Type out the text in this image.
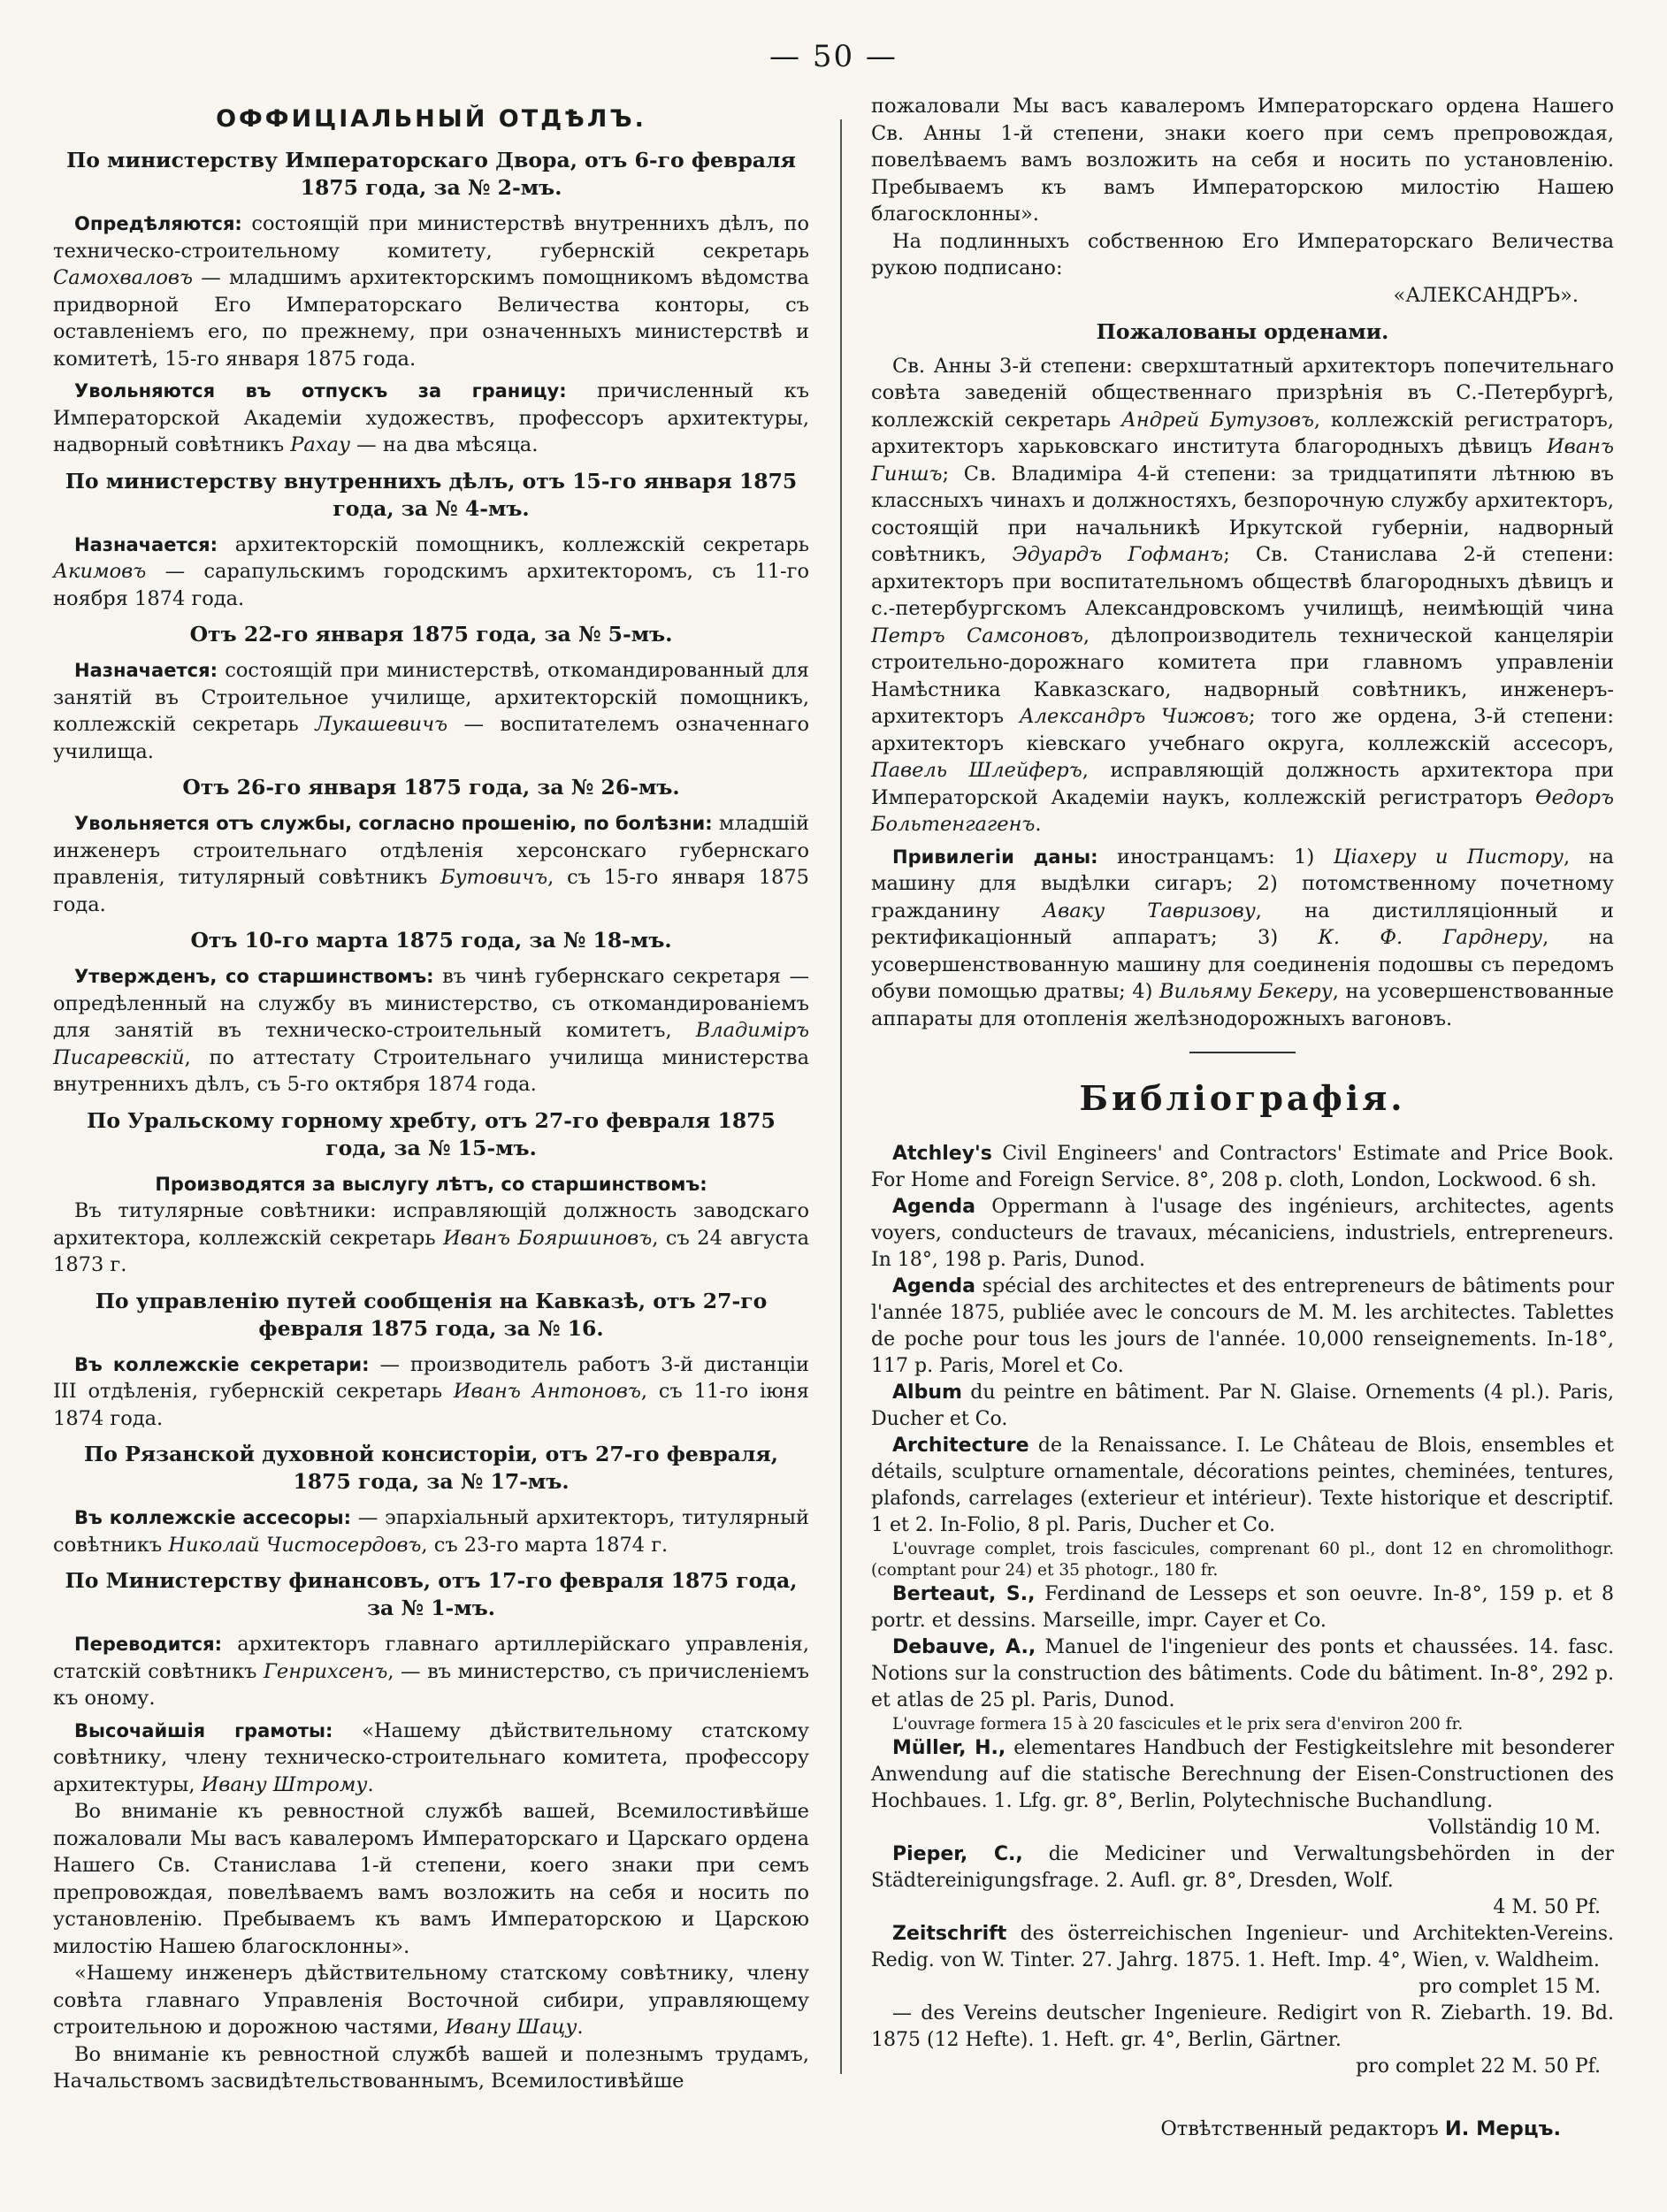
— 50 —
ОФФИЦІАЛЬНЫЙ ОТДѢЛЪ.
По министерству Императорскаго Двора, отъ 6-го февраля 1875 года, за № 2-мъ.

Опредѣляются: состоящій при министерствѣ внутреннихъ дѣлъ, по техническо-строительному комитету, губернскій секретарь Самохваловъ — младшимъ архитекторскимъ помощникомъ вѣдомства придворной Его Императорскаго Величества конторы, съ оставленіемъ его, по прежнему, при означенныхъ министерствѣ и комитетѣ, 15-го января 1875 года.

Увольняются въ отпускъ за границу: причисленный къ Императорской Академіи художествъ, профессоръ архитектуры, надворный совѣтникъ Рахау — на два мѣсяца.

По министерству внутреннихъ дѣлъ, отъ 15-го января 1875 года, за № 4-мъ.

Назначается: архитекторскій помощникъ, коллежскій секретарь Акимовъ — сарапульскимъ городскимъ архитекторомъ, съ 11-го ноября 1874 года.

Отъ 22-го января 1875 года, за № 5-мъ.

Назначается: состоящій при министерствѣ, откомандированный для занятій въ Строительное училище, архитекторскій помощникъ, коллежскій секретарь Лукашевичъ — воспитателемъ означеннаго училища.

Отъ 26-го января 1875 года, за № 26-мъ.

Увольняется отъ службы, согласно прошенію, по болѣзни: младшій инженеръ строительнаго отдѣленія херсонскаго губернскаго правленія, титулярный совѣтникъ Бутовичъ, съ 15-го января 1875 года.

Отъ 10-го марта 1875 года, за № 18-мъ.

Утвержденъ, со старшинствомъ: въ чинѣ губернскаго секретаря — опредѣленный на службу въ министерство, съ откомандированіемъ для занятій въ техническо-строительный комитетъ, Владиміръ Писаревскій, по аттестату Строительнаго училища министерства внутреннихъ дѣлъ, съ 5-го октября 1874 года.

По Уральскому горному хребту, отъ 27-го февраля 1875 года, за № 15-мъ.

Производятся за выслугу лѣтъ, со старшинствомъ:

Въ титулярные совѣтники: исправляющій должность заводскаго архитектора, коллежскій секретарь Иванъ Бояршиновъ, съ 24 августа 1873 г.

По управленію путей сообщенія на Кавказѣ, отъ 27-го февраля 1875 года, за № 16.

Въ коллежскіе секретари: — производитель работъ 3-й дистанціи III отдѣленія, губернскій секретарь Иванъ Антоновъ, съ 11-го іюня 1874 года.

По Рязанской духовной консисторіи, отъ 27-го февраля, 1875 года, за № 17-мъ.

Въ коллежскіе ассесоры: — эпархіальный архитекторъ, титулярный совѣтникъ Николай Чистосердовъ, съ 23-го марта 1874 г.

По Министерству финансовъ, отъ 17-го февраля 1875 года, за № 1-мъ.

Переводится: архитекторъ главнаго артиллерійскаго управленія, статскій совѣтникъ Генрихсенъ, — въ министерство, съ причисленіемъ къ оному.

Высочайшія грамоты: «Нашему дѣйствительному статскому совѣтнику, члену техническо-строительнаго комитета, профессору архитектуры, Ивану Штрому.

Во вниманіе къ ревностной службѣ вашей, Всемилостивѣйше пожаловали Мы васъ кавалеромъ Императорскаго и Царскаго ордена Нашего Св. Станислава 1-й степени, коего знаки при семъ препровождая, повелѣваемъ вамъ возложить на себя и носить по установленію. Пребываемъ къ вамъ Императорскою и Царскою милостію Нашею благосклонны».

«Нашему инженеръ дѣйствительному статскому совѣтнику, члену совѣта главнаго Управленія Восточной сибири, управляющему строительною и дорожною частями, Ивану Шацу.

Во вниманіе къ ревностной службѣ вашей и полезнымъ трудамъ, Начальствомъ засвидѣтельствованнымъ, Всемилостивѣйше

пожаловали Мы васъ кавалеромъ Императорскаго ордена Нашего Св. Анны 1-й степени, знаки коего при семъ препровождая, повелѣваемъ вамъ возложить на себя и носить по установленію. Пребываемъ къ вамъ Императорскою милостію Нашею благосклонны».

На подлинныхъ собственною Его Императорскаго Величества рукою подписано:

«АЛЕКСАНДРЪ».

Пожалованы орденами.

Св. Анны 3-й степени: сверхштатный архитекторъ попечительнаго совѣта заведеній общественнаго призрѣнія въ С.-Петербургѣ, коллежскій секретарь Андрей Бутузовъ, коллежскій регистраторъ, архитекторъ харьковскаго института благородныхъ дѣвицъ Иванъ Гиншъ; Св. Владиміра 4-й степени: за тридцатипяти лѣтнюю въ классныхъ чинахъ и должностяхъ, безпорочную службу архитекторъ, состоящій при начальникѣ Иркутской губерніи, надворный совѣтникъ, Эдуардъ Гофманъ; Св. Станислава 2-й степени: архитекторъ при воспитательномъ обществѣ благородныхъ дѣвицъ и с.-петербургскомъ Александровскомъ училищѣ, неимѣющій чина Петръ Самсоновъ, дѣлопроизводитель технической канцеляріи строительно-дорожнаго комитета при главномъ управленіи Намѣстника Кавказскаго, надворный совѣтникъ, инженеръ-архитекторъ Александръ Чижовъ; того же ордена, 3-й степени: архитекторъ кіевскаго учебнаго округа, коллежскій ассесоръ, Павель Шлейферъ, исправляющій должность архитектора при Императорской Академіи наукъ, коллежскій регистраторъ Ѳедоръ Больтенгагенъ.

Привилегіи даны: иностранцамъ: 1) Ціахеру и Пистору, на машину для выдѣлки сигаръ; 2) потомственному почетному гражданину Аваку Тавризову, на дистилляціонный и ректификаціонный аппаратъ; 3) К. Ф. Гарднеру, на усовершенствованную машину для соединенія подошвы съ передомъ обуви помощью дратвы; 4) Вильяму Бекеру, на усовершенствованные аппараты для отопленія желѣзнодорожныхъ вагоновъ.

Библіографія.

Atchley's Civil Engineers' and Contractors' Estimate and Price Book. For Home and Foreign Service. 8°, 208 p. cloth, London, Lockwood. 6 sh.

Agenda Oppermann à l'usage des ingénieurs, architectes, agents voyers, conducteurs de travaux, mécaniciens, industriels, entrepreneurs. In 18°, 198 p. Paris, Dunod.

Agenda spécial des architectes et des entrepreneurs de bâtiments pour l'année 1875, publiée avec le concours de M. M. les architectes. Tablettes de poche pour tous les jours de l'année. 10,000 renseignements. In-18°, 117 p. Paris, Morel et Co.

Album du peintre en bâtiment. Par N. Glaise. Ornements (4 pl.). Paris, Ducher et Co.

Architecture de la Renaissance. I. Le Château de Blois, ensembles et détails, sculpture ornamentale, décorations peintes, cheminées, tentures, plafonds, carrelages (exterieur et intérieur). Texte historique et descriptif. 1 et 2. In-Folio, 8 pl. Paris, Ducher et Co.

L'ouvrage complet, trois fascicules, comprenant 60 pl., dont 12 en chromolithogr. (comptant pour 24) et 35 photogr., 180 fr.

Berteaut, S., Ferdinand de Lesseps et son oeuvre. In-8°, 159 p. et 8 portr. et dessins. Marseille, impr. Cayer et Co.

Debauve, A., Manuel de l'ingenieur des ponts et chaussées. 14. fasc. Notions sur la construction des bâtiments. Code du bâtiment. In-8°, 292 p. et atlas de 25 pl. Paris, Dunod.

L'ouvrage formera 15 à 20 fascicules et le prix sera d'environ 200 fr.

Müller, H., elementares Handbuch der Festigkeitslehre mit besonderer Anwendung auf die statische Berechnung der Eisen-Constructionen des Hochbaues. 1. Lfg. gr. 8°, Berlin, Polytechnische Buchandlung.

Vollständig 10 M.

Pieper, C., die Mediciner und Verwaltungsbehörden in der Städtereinigungsfrage. 2. Aufl. gr. 8°, Dresden, Wolf.

4 M. 50 Pf.

Zeitschrift des österreichischen Ingenieur- und Architekten-Vereins. Redig. von W. Tinter. 27. Jahrg. 1875. 1. Heft. Imp. 4°, Wien, v. Waldheim.

pro complet 15 M.

— des Vereins deutscher Ingenieure. Redigirt von R. Ziebarth. 19. Bd. 1875 (12 Hefte). 1. Heft. gr. 4°, Berlin, Gärtner.

pro complet 22 M. 50 Pf.

Отвѣтственный редакторъ И. Мерцъ.
